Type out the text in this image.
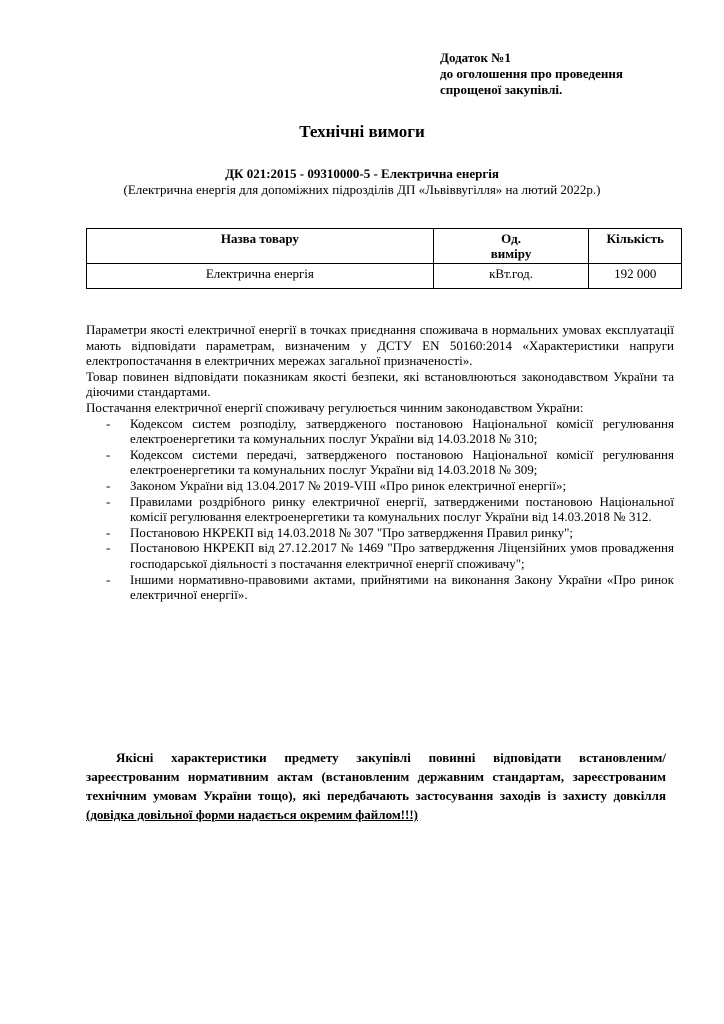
Додаток №1
до оголошення про проведення
спрощеної закупівлі.
Технічні вимоги
ДК 021:2015 - 09310000-5 - Електрична енергія
(Електрична енергія для допоміжних підрозділів ДП «Львіввугілля» на лютий 2022р.)
Назва товару	Од. виміру	Кількість
Електрична енергія	кВт.год.	192 000

Параметри якості електричної енергії в точках приєднання споживача в нормальних умовах експлуатації мають відповідати параметрам, визначеним у ДСТУ EN 50160:2014 «Характеристики напруги електропостачання в електричних мережах загальної призначеності».

Товар повинен відповідати показникам якості безпеки, які встановлюються законодавством України та діючими стандартами.

Постачання електричної енергії споживачу регулюється чинним законодавством України:

- Кодексом систем розподілу, затвердженого постановою Національної комісії регулювання електроенергетики та комунальних послуг України від 14.03.2018 № 310;
- Кодексом системи передачі, затвердженого постановою Національної комісії регулювання електроенергетики та комунальних послуг України від 14.03.2018 № 309;
- Законом України від 13.04.2017 № 2019-VIII «Про ринок електричної енергії»;
- Правилами роздрібного ринку електричної енергії, затвердженими постановою Національної комісії регулювання електроенергетики та комунальних послуг України від 14.03.2018 № 312.
- Постановою НКРЕКП від 14.03.2018 № 307 "Про затвердження Правил ринку";
- Постановою НКРЕКП від 27.12.2017 № 1469 "Про затвердження Ліцензійних умов провадження господарської діяльності з постачання електричної енергії споживачу";
- Іншими нормативно-правовими актами, прийнятими на виконання Закону України «Про ринок електричної енергії».
Якісні характеристики предмету закупівлі повинні відповідати встановленим/зареєстрованим нормативним актам (встановленим державним стандартам, зареєстрованим технічним умовам України тощо), які передбачають застосування заходів із захисту довкілля (довідка довільної форми надається окремим файлом!!!)
